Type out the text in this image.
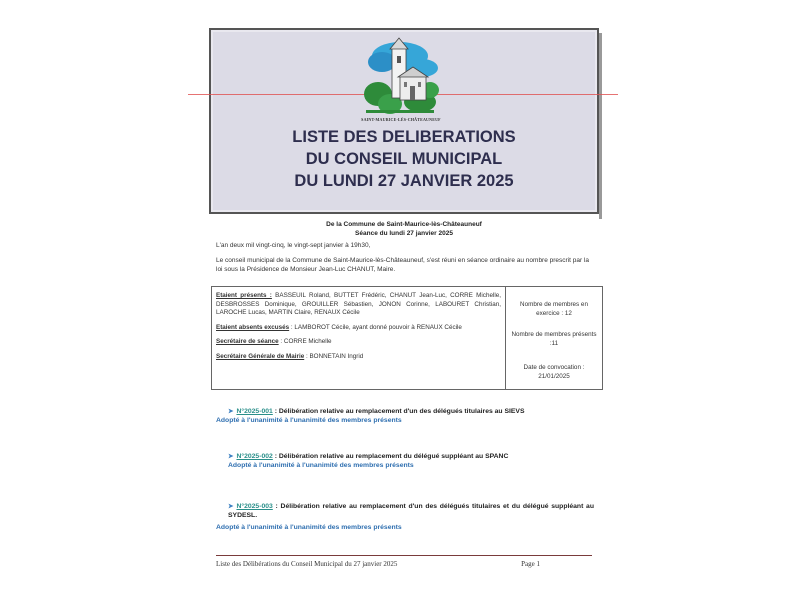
SAINT-MAURICE-LÈS-CHÂTEAUNEUF
LISTE DES DELIBERATIONS
DU CONSEIL MUNICIPAL
DU LUNDI 27 JANVIER 2025
De la Commune de Saint-Maurice-lès-Châteauneuf
Séance du lundi 27 janvier 2025
L'an deux mil vingt-cinq, le vingt-sept janvier à 19h30,
Le conseil municipal de la Commune de Saint-Maurice-lès-Châteauneuf, s'est réuni en séance ordinaire au nombre prescrit par la loi sous la Présidence de Monsieur Jean-Luc CHANUT, Maire.

Etaient présents : BASSEUIL Roland, BUTTET Frédéric, CHANUT Jean-Luc, CORRE Michelle, DESBROSSES Dominique, GROUILLER Sébastien, JONON Corinne, LABOURET Christian, LAROCHE Lucas, MARTIN Claire, RENAUX Cécile

Etaient absents excusés : LAMBOROT Cécile, ayant donné pouvoir à RENAUX Cécile

Secrétaire de séance : CORRE Michelle

Secrétaire Générale de Mairie : BONNETAIN Ingrid

Nombre de membres en exercice : 12
Nombre de membres présents :11
Date de convocation : 21/01/2025
➤ N°2025-001 : Délibération relative au remplacement d'un des délégués titulaires au SIEVS
Adopté à l'unanimité à l'unanimité des membres présents
➤ N°2025-002 : Délibération relative au remplacement du délégué suppléant au SPANC
Adopté à l'unanimité à l'unanimité des membres présents
➤ N°2025-003 : Délibération relative au remplacement d'un des délégués titulaires et du délégué suppléant au SYDESL.
Adopté à l'unanimité à l'unanimité des membres présents
Liste des Délibérations du Conseil Municipal du 27 janvier 2025	Page 1
